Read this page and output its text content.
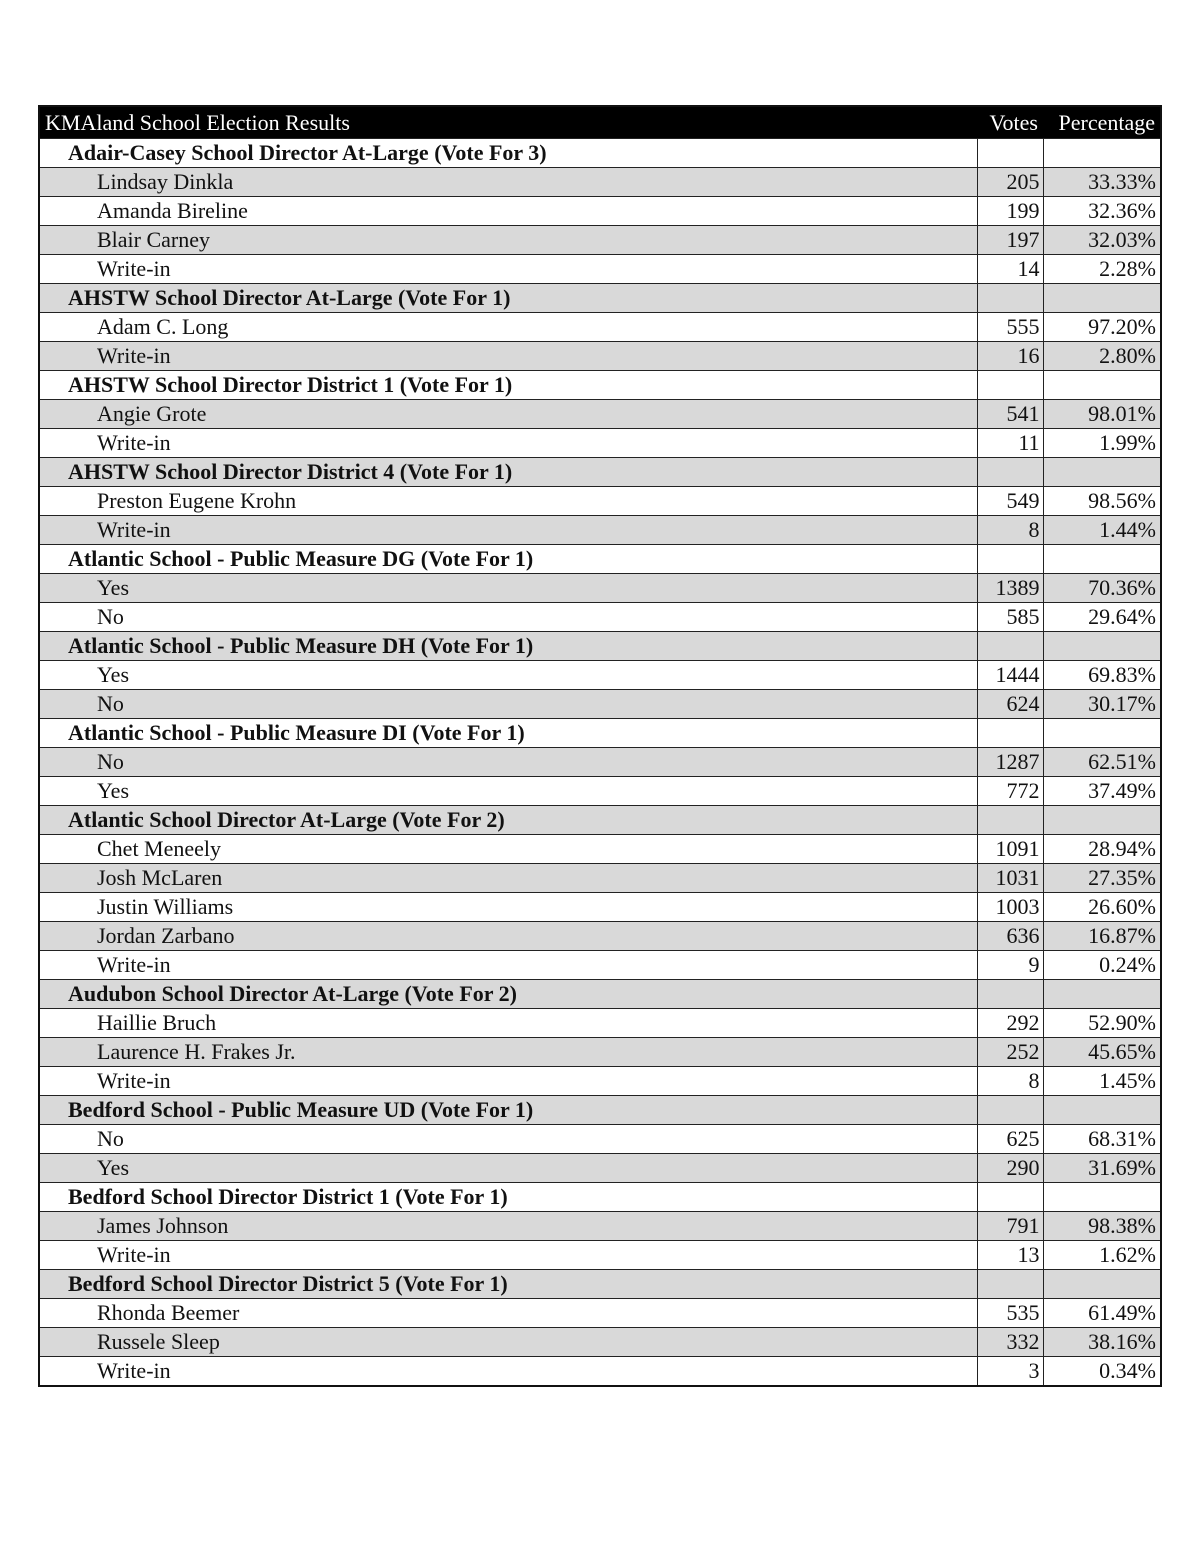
KMAland School Election Results	Votes	Percentage
Adair-Casey School Director At-Large (Vote For 3)		
Lindsay Dinkla	205	33.33%
Amanda Bireline	199	32.36%
Blair Carney	197	32.03%
Write-in	14	2.28%
AHSTW School Director At-Large (Vote For 1)		
Adam C. Long	555	97.20%
Write-in	16	2.80%
AHSTW School Director District 1 (Vote For 1)		
Angie Grote	541	98.01%
Write-in	11	1.99%
AHSTW School Director District 4 (Vote For 1)		
Preston Eugene Krohn	549	98.56%
Write-in	8	1.44%
Atlantic School - Public Measure DG (Vote For 1)		
Yes	1389	70.36%
No	585	29.64%
Atlantic School - Public Measure DH (Vote For 1)		
Yes	1444	69.83%
No	624	30.17%
Atlantic School - Public Measure DI (Vote For 1)		
No	1287	62.51%
Yes	772	37.49%
Atlantic School Director At-Large (Vote For 2)		
Chet Meneely	1091	28.94%
Josh McLaren	1031	27.35%
Justin Williams	1003	26.60%
Jordan Zarbano	636	16.87%
Write-in	9	0.24%
Audubon School Director At-Large (Vote For 2)		
Haillie Bruch	292	52.90%
Laurence H. Frakes Jr.	252	45.65%
Write-in	8	1.45%
Bedford School - Public Measure UD (Vote For 1)		
No	625	68.31%
Yes	290	31.69%
Bedford School Director District 1 (Vote For 1)		
James Johnson	791	98.38%
Write-in	13	1.62%
Bedford School Director District 5 (Vote For 1)		
Rhonda Beemer	535	61.49%
Russele Sleep	332	38.16%
Write-in	3	0.34%
